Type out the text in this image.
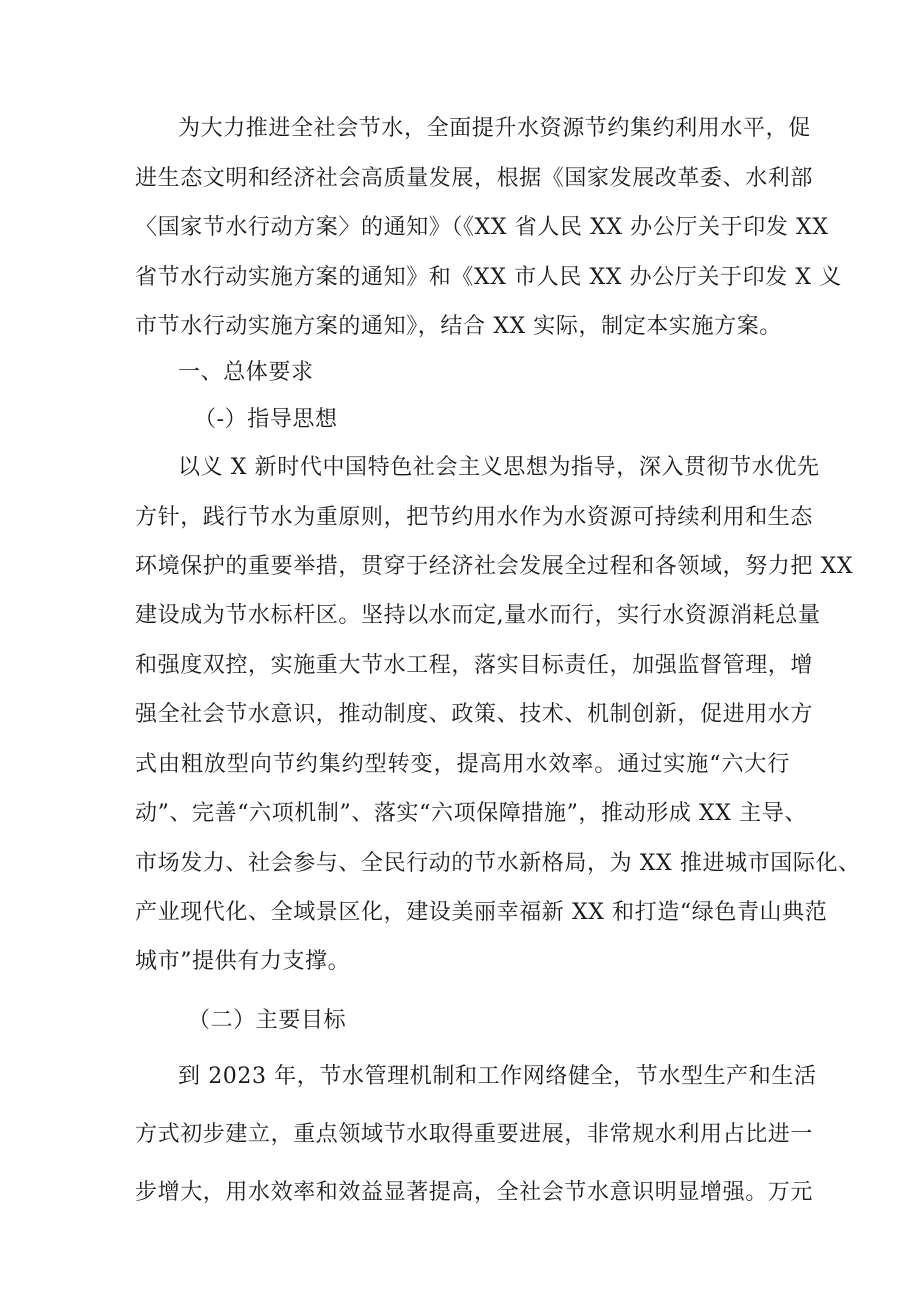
为大力推进全社会节水，全面提升水资源节约集约利用水平，促
进生态文明和经济社会高质量发展，根据《国家发展改革委、水利部
〈国家节水行动方案〉的通知》（《XX 省人民 XX 办公厅关于印发 XX
省节水行动实施方案的通知》和《XX 市人民 XX 办公厅关于印发 X 义
市节水行动实施方案的通知》，结合 XX 实际，制定本实施方案。
一、总体要求
（-）指导思想
以义 X 新时代中国特色社会主义思想为指导，深入贯彻节水优先
方针，践行节水为重原则，把节约用水作为水资源可持续利用和生态
环境保护的重要举措，贯穿于经济社会发展全过程和各领域，努力把 XX
建设成为节水标杆区。坚持以水而定,量水而行，实行水资源消耗总量
和强度双控，实施重大节水工程，落实目标责任，加强监督管理，增
强全社会节水意识，推动制度、政策、技术、机制创新，促进用水方
式由粗放型向节约集约型转变，提高用水效率。通过实施“六大行
动”、完善“六项机制”、落实“六项保障措施”，推动形成 XX 主导、
市场发力、社会参与、全民行动的节水新格局，为 XX 推进城市国际化、
产业现代化、全域景区化，建设美丽幸福新 XX 和打造“绿色青山典范
城市”提供有力支撑。
（二）主要目标
到 2023 年，节水管理机制和工作网络健全，节水型生产和生活
方式初步建立，重点领域节水取得重要进展，非常规水利用占比进一
步增大，用水效率和效益显著提高，全社会节水意识明显增强。万元
